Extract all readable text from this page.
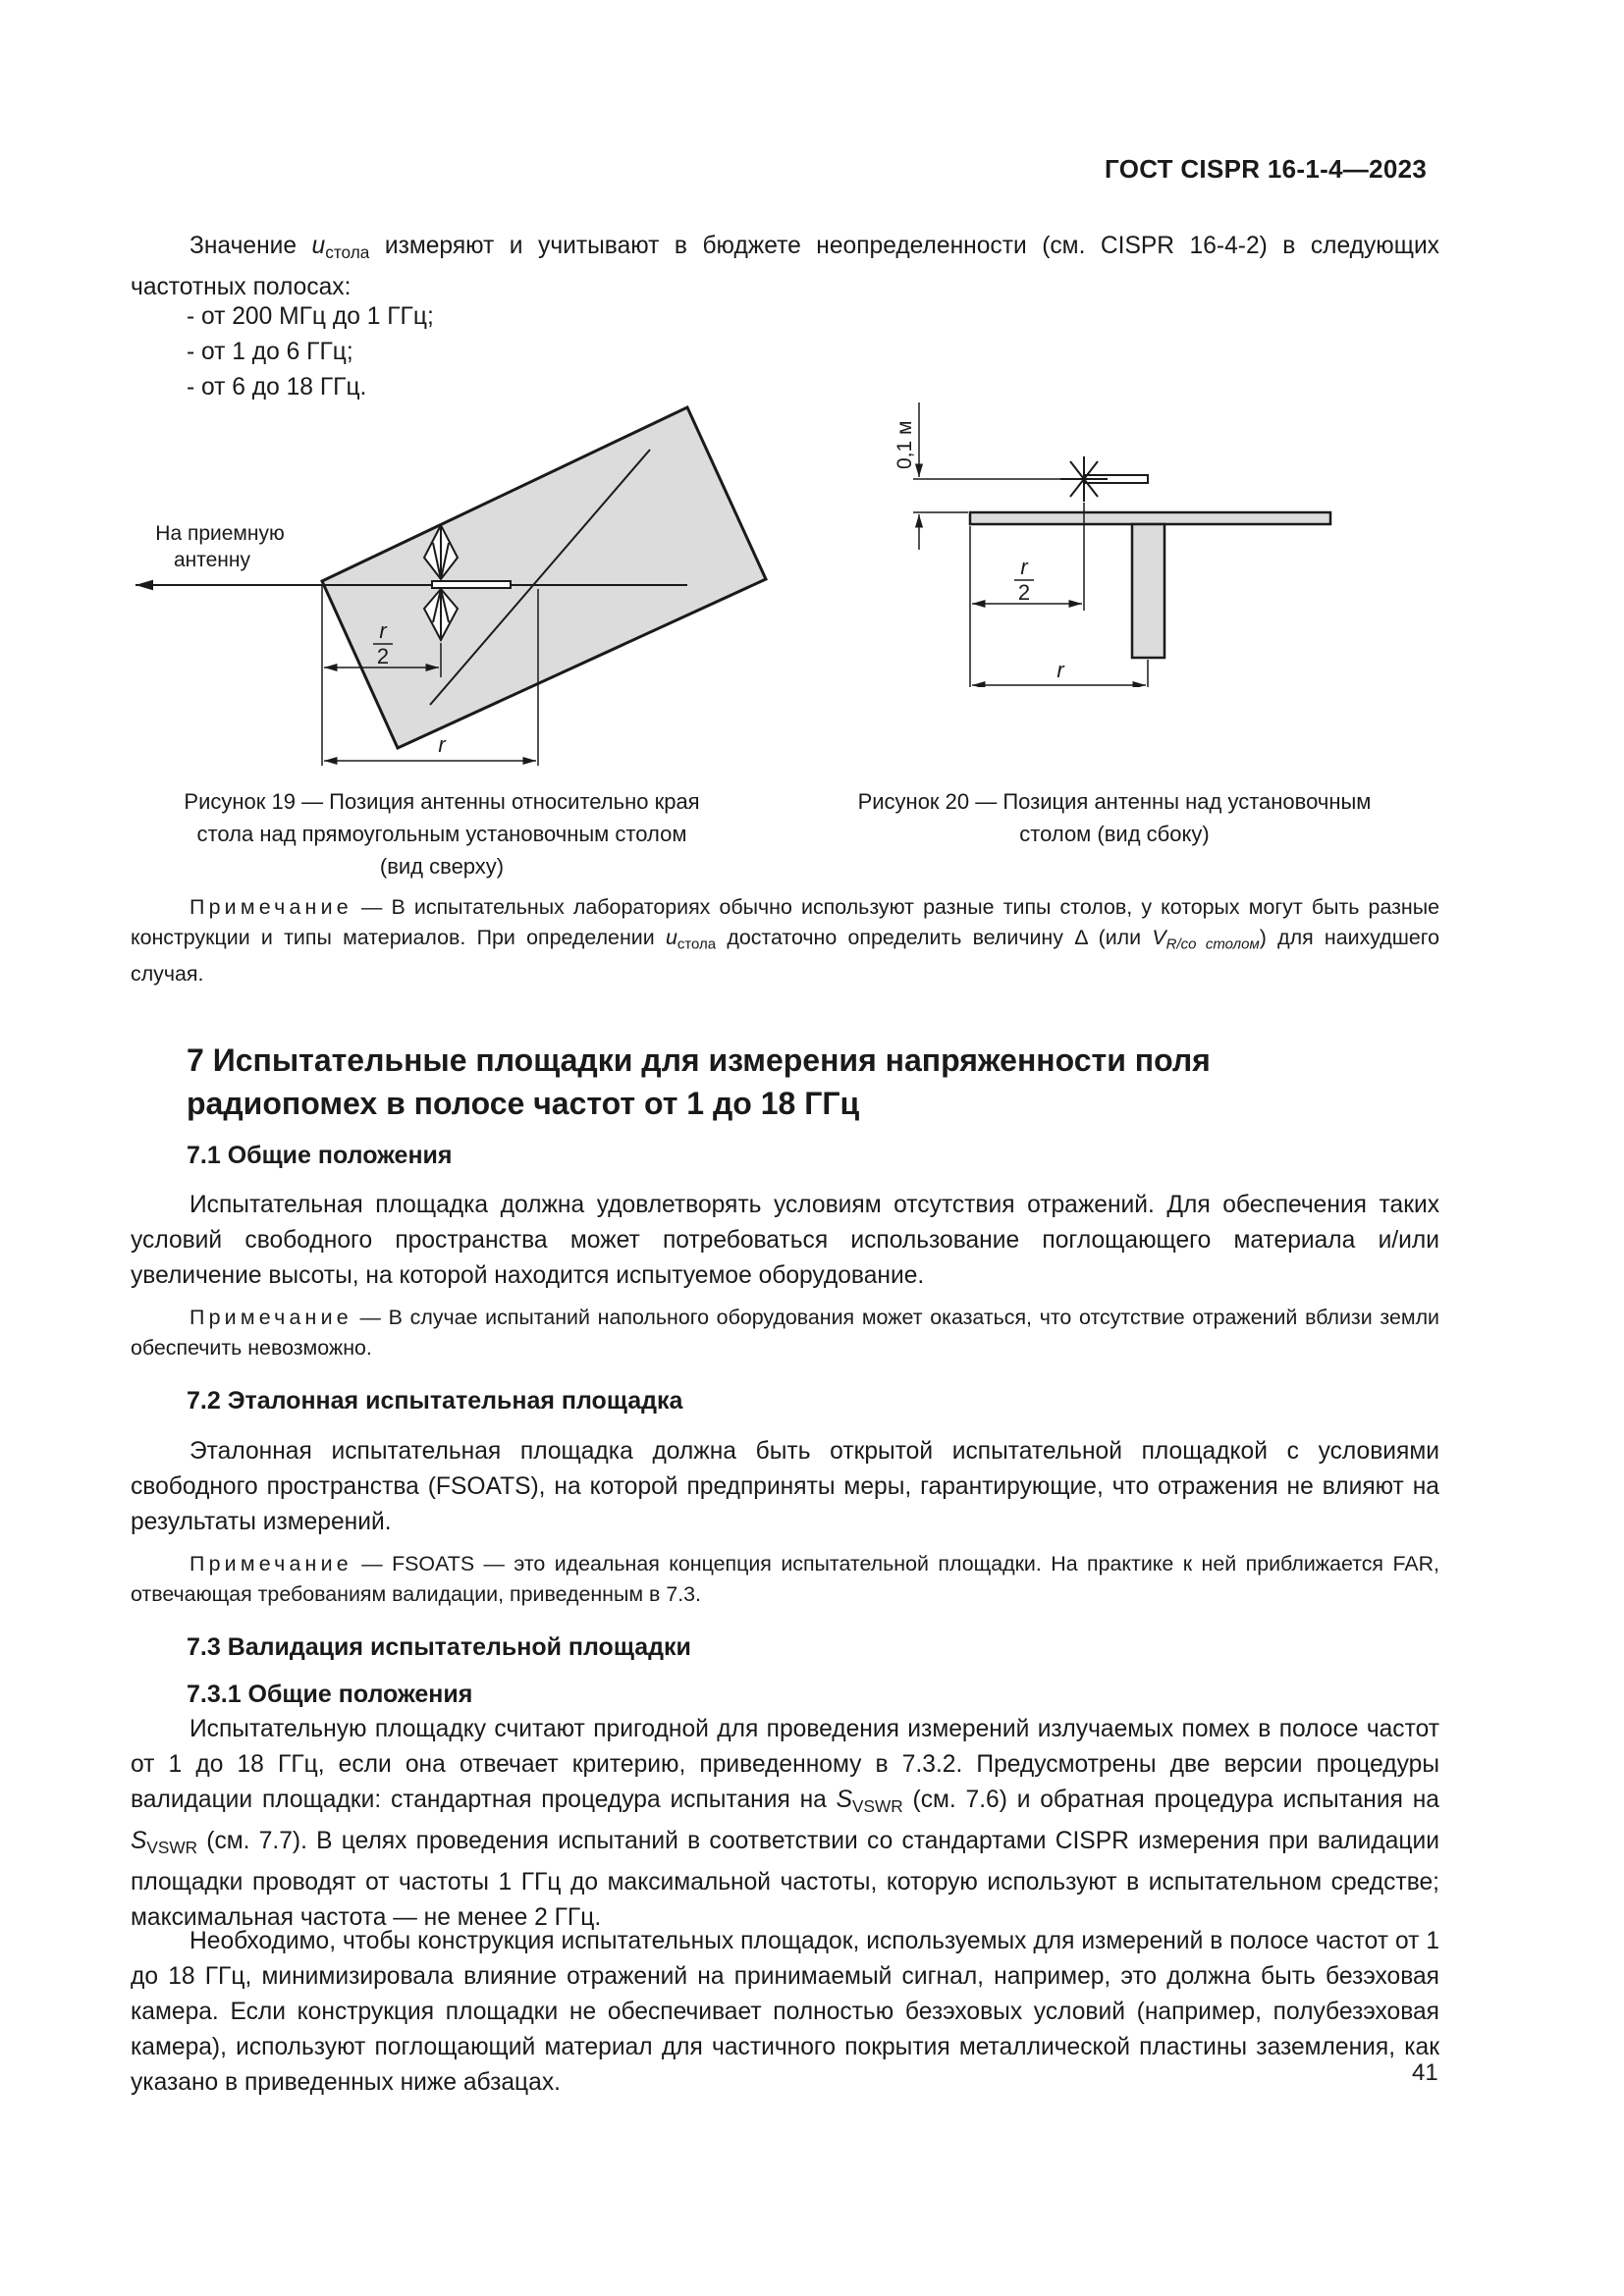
ГОСТ CISPR 16-1-4—2023
Значение $u_{стола}$ измеряют и учитывают в бюджете неопределенности (см. CISPR 16-4-2) в следующих частотных полосах:
- от 200 МГц до 1 ГГц;
- от 1 до 6 ГГц;
- от 6 до 18 ГГц.
На приемную
антенну
r
2
r
0,1 м
r
2
r
Рисунок 19 — Позиция антенны относительно края
стола над прямоугольным установочным столом
(вид сверху)
Рисунок 20 — Позиция антенны над установочным
столом (вид сбоку)
Примечание — В испытательных лабораториях обычно используют разные типы столов, у которых могут быть разные конструкции и типы материалов. При определении $u_{стола}$ достаточно определить величину Δ (или $V_{R/со столом}$) для наихудшего случая.
7 Испытательные площадки для измерения напряженности поля
радиопомех в полосе частот от 1 до 18 ГГц
7.1 Общие положения
Испытательная площадка должна удовлетворять условиям отсутствия отражений. Для обеспечения таких условий свободного пространства может потребоваться использование поглощающего материала и/или увеличение высоты, на которой находится испытуемое оборудование.
Примечание — В случае испытаний напольного оборудования может оказаться, что отсутствие отражений вблизи земли обеспечить невозможно.
7.2 Эталонная испытательная площадка
Эталонная испытательная площадка должна быть открытой испытательной площадкой с условиями свободного пространства (FSOATS), на которой предприняты меры, гарантирующие, что отражения не влияют на результаты измерений.
Примечание — FSOATS — это идеальная концепция испытательной площадки. На практике к ней приближается FAR, отвечающая требованиям валидации, приведенным в 7.3.
7.3 Валидация испытательной площадки
7.3.1 Общие положения
Испытательную площадку считают пригодной для проведения измерений излучаемых помех в полосе частот от 1 до 18 ГГц, если она отвечает критерию, приведенному в 7.3.2. Предусмотрены две версии процедуры валидации площадки: стандартная процедура испытания на $S_{VSWR}$ (см. 7.6) и обратная процедура испытания на $S_{VSWR}$ (см. 7.7). В целях проведения испытаний в соответствии со стандартами CISPR измерения при валидации площадки проводят от частоты 1 ГГц до максимальной частоты, которую используют в испытательном средстве; максимальная частота — не менее 2 ГГц.
Необходимо, чтобы конструкция испытательных площадок, используемых для измерений в полосе частот от 1 до 18 ГГц, минимизировала влияние отражений на принимаемый сигнал, например, это должна быть безэховая камера. Если конструкция площадки не обеспечивает полностью безэховых условий (например, полубезэховая камера), используют поглощающий материал для частичного покрытия металлической пластины заземления, как указано в приведенных ниже абзацах.	41
